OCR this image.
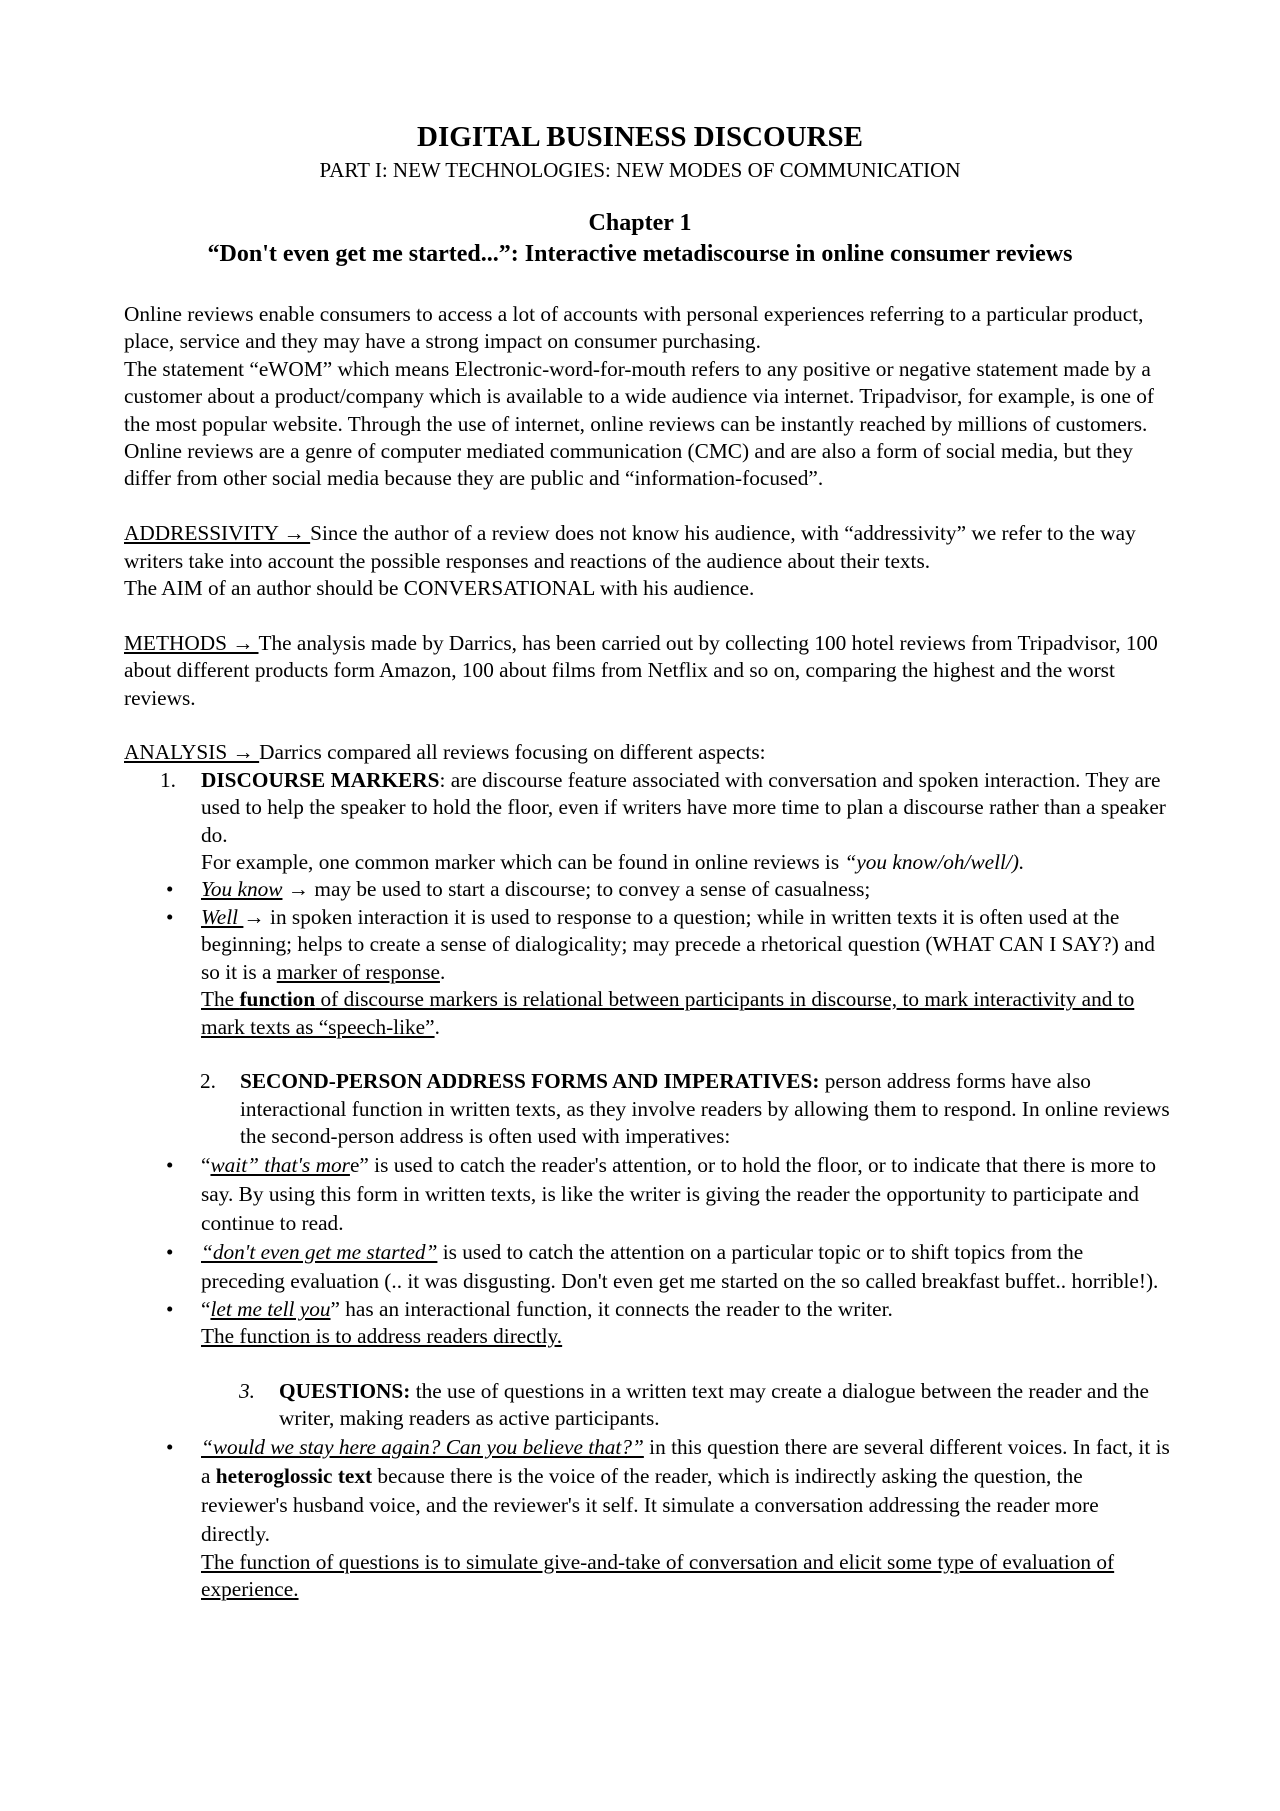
DIGITAL BUSINESS DISCOURSE
PART I: NEW TECHNOLOGIES: NEW MODES OF COMMUNICATION
Chapter 1
“Don't even get me started...”: Interactive metadiscourse in online consumer reviews

Online reviews enable consumers to access a lot of accounts with personal experiences referring to a particular product, place, service and they may have a strong impact on consumer purchasing.

The statement “eWOM” which means Electronic-word-for-mouth refers to any positive or negative statement made by a customer about a product/company which is available to a wide audience via internet. Tripadvisor, for example, is one of the most popular website. Through the use of internet, online reviews can be instantly reached by millions of customers.

Online reviews are a genre of computer mediated communication (CMC) and are also a form of social media, but they differ from other social media because they are public and “information-focused”.

ADDRESSIVITY → Since the author of a review does not know his audience, with “addressivity” we refer to the way writers take into account the possible responses and reactions of the audience about their texts.

The AIM of an author should be CONVERSATIONAL with his audience.

METHODS → The analysis made by Darrics, has been carried out by collecting 100 hotel reviews from Tripadvisor, 100 about different products form Amazon, 100 about films from Netflix and so on, comparing the highest and the worst reviews.

ANALYSIS → Darrics compared all reviews focusing on different aspects:

1. DISCOURSE MARKERS: are discourse feature associated with conversation and spoken interaction. They are used to help the speaker to hold the floor, even if writers have more time to plan a discourse rather than a speaker do.

For example, one common marker which can be found in online reviews is “you know/oh/well/).

• You know → may be used to start a discourse; to convey a sense of casualness;
• Well → in spoken interaction it is used to response to a question; while in written texts it is often used at the beginning; helps to create a sense of dialogicality; may precede a rhetorical question (WHAT CAN I SAY?) and so it is a marker of response.

The function of discourse markers is relational between participants in discourse, to mark interactivity and to mark texts as “speech-like”.

2. SECOND-PERSON ADDRESS FORMS AND IMPERATIVES: person address forms have also interactional function in written texts, as they involve readers by allowing them to respond. In online reviews the second-person address is often used with imperatives:
• “wait” that's more” is used to catch the reader's attention, or to hold the floor, or to indicate that there is more to say. By using this form in written texts, is like the writer is giving the reader the opportunity to participate and continue to read.
• “don't even get me started” is used to catch the attention on a particular topic or to shift topics from the preceding evaluation (.. it was disgusting. Don't even get me started on the so called breakfast buffet.. horrible!).
• “let me tell you” has an interactional function, it connects the reader to the writer.

The function is to address readers directly.

3. QUESTIONS: the use of questions in a written text may create a dialogue between the reader and the writer, making readers as active participants.
• “would we stay here again? Can you believe that?” in this question there are several different voices. In fact, it is a heteroglossic text because there is the voice of the reader, which is indirectly asking the question, the reviewer's husband voice, and the reviewer's it self. It simulate a conversation addressing the reader more directly.

The function of questions is to simulate give-and-take of conversation and elicit some type of evaluation of experience.
